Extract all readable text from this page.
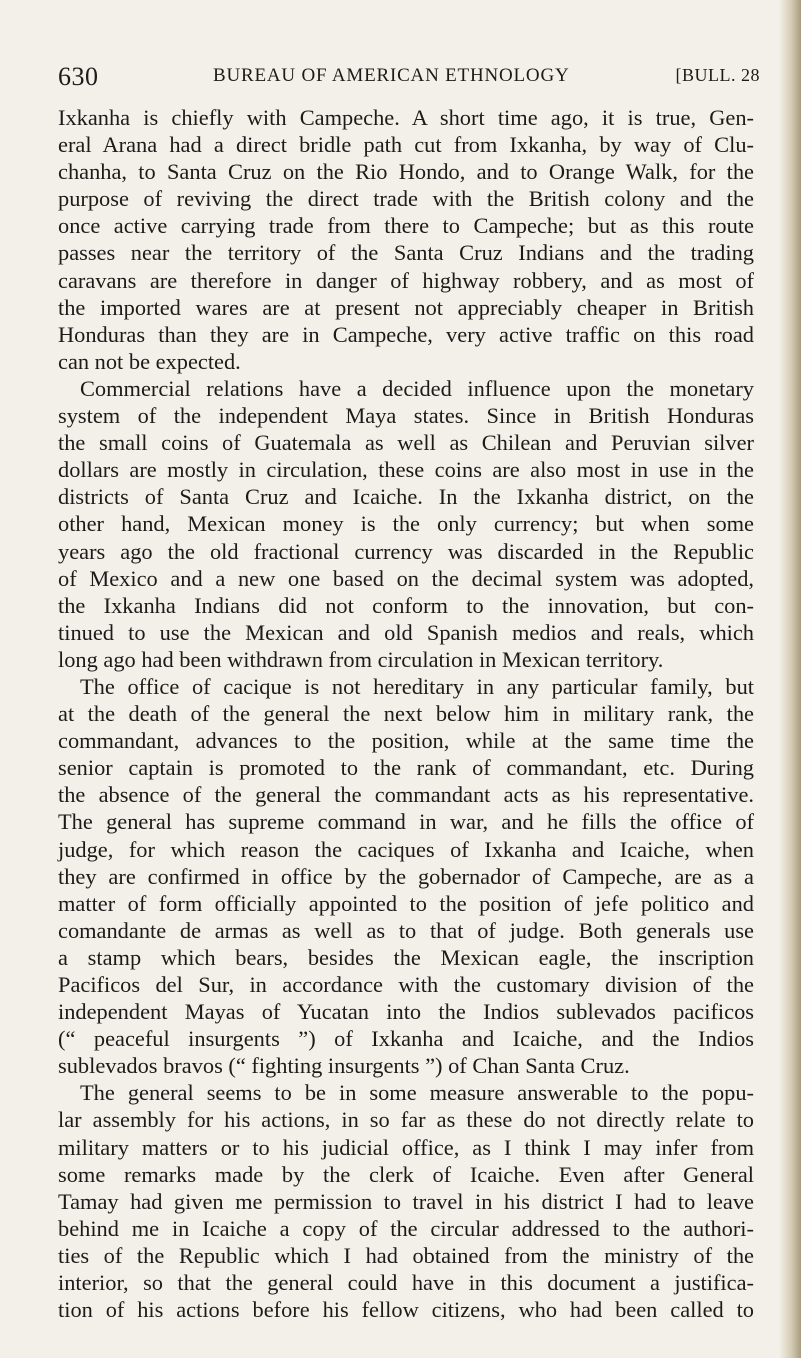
630	BUREAU OF AMERICAN ETHNOLOGY	[BULL. 28
Ixkanha is chiefly with Campeche. A short time ago, it is true, Gen-
eral Arana had a direct bridle path cut from Ixkanha, by way of Clu-
chanha, to Santa Cruz on the Rio Hondo, and to Orange Walk, for the
purpose of reviving the direct trade with the British colony and the
once active carrying trade from there to Campeche; but as this route
passes near the territory of the Santa Cruz Indians and the trading
caravans are therefore in danger of highway robbery, and as most of
the imported wares are at present not appreciably cheaper in British
Honduras than they are in Campeche, very active traffic on this road
can not be expected.
Commercial relations have a decided influence upon the monetary
system of the independent Maya states. Since in British Honduras
the small coins of Guatemala as well as Chilean and Peruvian silver
dollars are mostly in circulation, these coins are also most in use in the
districts of Santa Cruz and Icaiche. In the Ixkanha district, on the
other hand, Mexican money is the only currency; but when some
years ago the old fractional currency was discarded in the Republic
of Mexico and a new one based on the decimal system was adopted,
the Ixkanha Indians did not conform to the innovation, but con-
tinued to use the Mexican and old Spanish medios and reals, which
long ago had been withdrawn from circulation in Mexican territory.
The office of cacique is not hereditary in any particular family, but
at the death of the general the next below him in military rank, the
commandant, advances to the position, while at the same time the
senior captain is promoted to the rank of commandant, etc. During
the absence of the general the commandant acts as his representative.
The general has supreme command in war, and he fills the office of
judge, for which reason the caciques of Ixkanha and Icaiche, when
they are confirmed in office by the gobernador of Campeche, are as a
matter of form officially appointed to the position of jefe politico and
comandante de armas as well as to that of judge. Both generals use
a stamp which bears, besides the Mexican eagle, the inscription
Pacificos del Sur, in accordance with the customary division of the
independent Mayas of Yucatan into the Indios sublevados pacificos
(“ peaceful insurgents ”) of Ixkanha and Icaiche, and the Indios
sublevados bravos (“ fighting insurgents ”) of Chan Santa Cruz.
The general seems to be in some measure answerable to the popu-
lar assembly for his actions, in so far as these do not directly relate to
military matters or to his judicial office, as I think I may infer from
some remarks made by the clerk of Icaiche. Even after General
Tamay had given me permission to travel in his district I had to leave
behind me in Icaiche a copy of the circular addressed to the authori-
ties of the Republic which I had obtained from the ministry of the
interior, so that the general could have in this document a justifica-
tion of his actions before his fellow citizens, who had been called to
